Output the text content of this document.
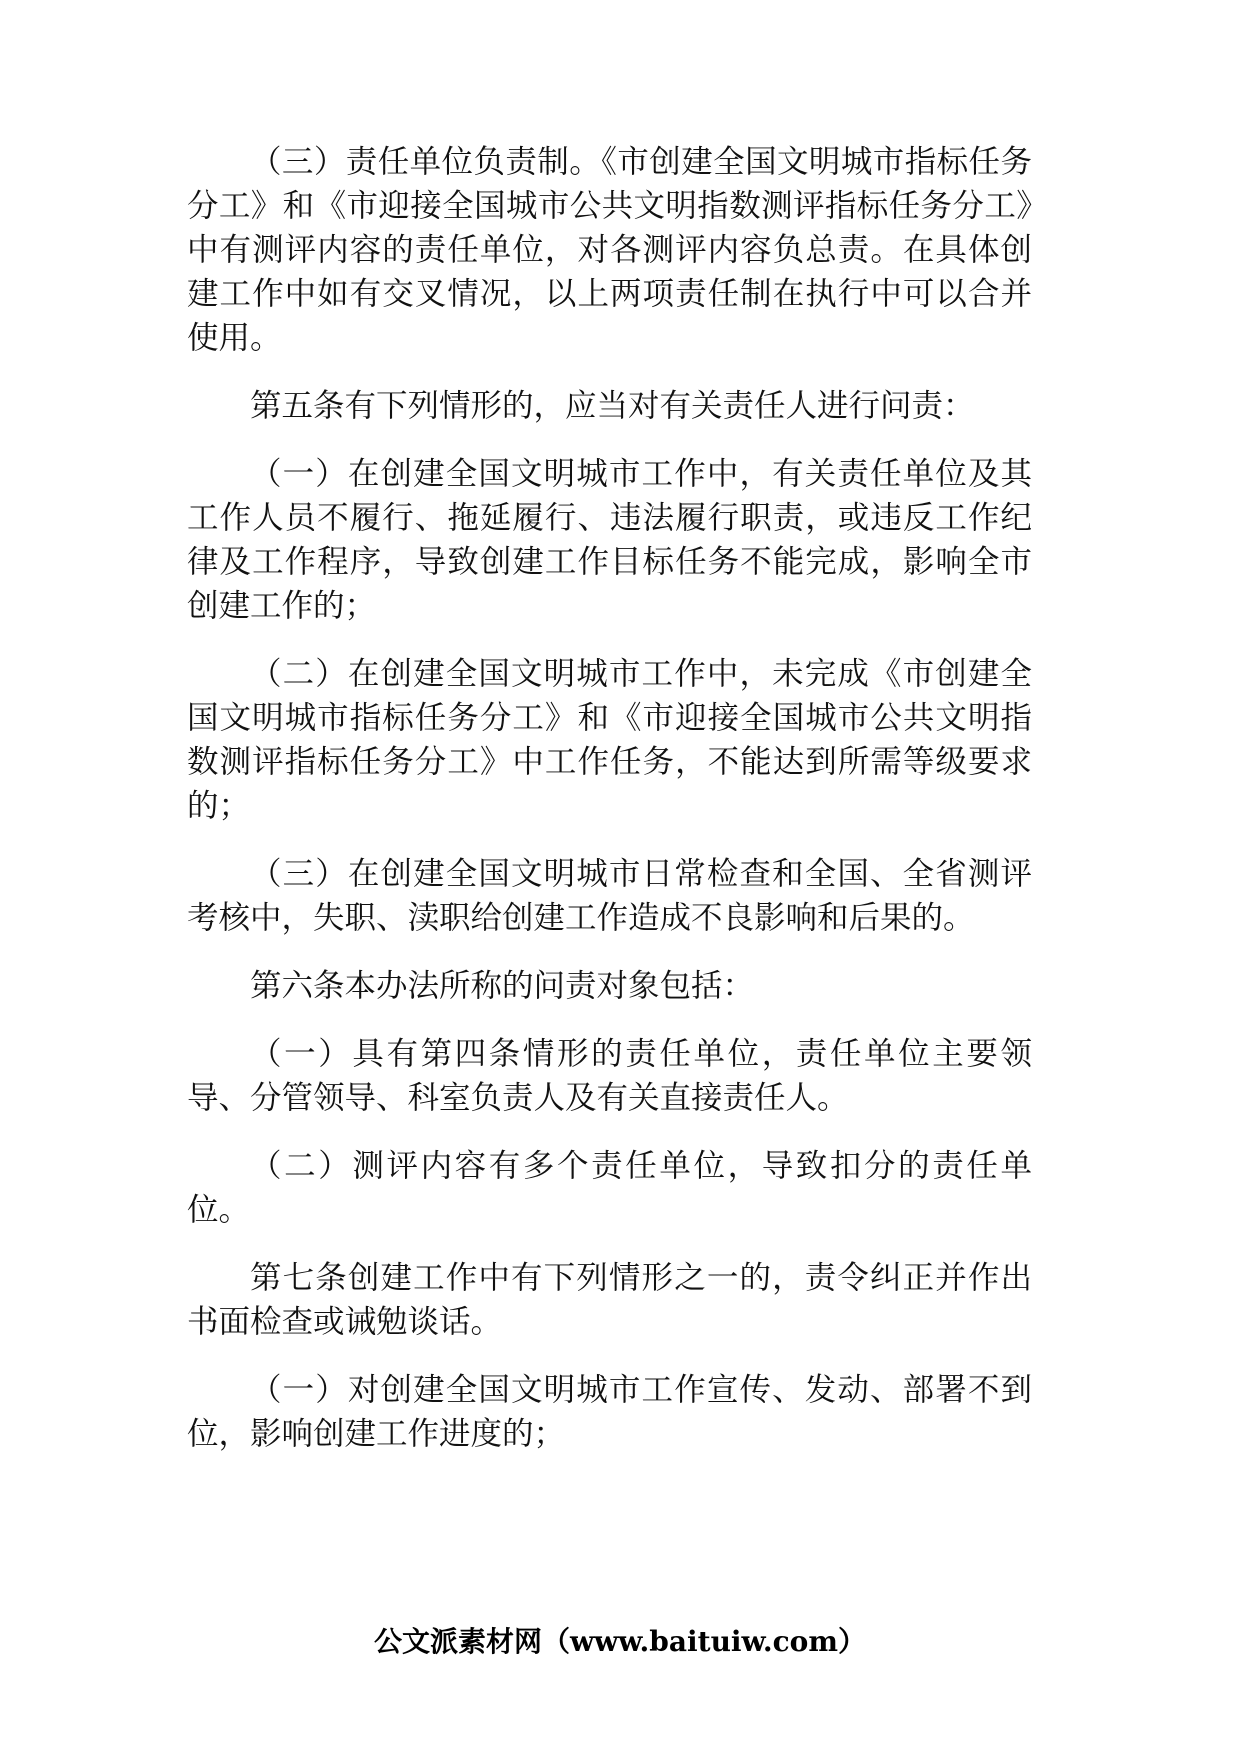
（三）责任单位负责制。《市创建全国文明城市指标任务分工》和《市迎接全国城市公共文明指数测评指标任务分工》中有测评内容的责任单位，对各测评内容负总责。在具体创建工作中如有交叉情况，以上两项责任制在执行中可以合并使用。

第五条有下列情形的，应当对有关责任人进行问责：

（一）在创建全国文明城市工作中，有关责任单位及其工作人员不履行、拖延履行、违法履行职责，或违反工作纪律及工作程序，导致创建工作目标任务不能完成，影响全市创建工作的；

（二）在创建全国文明城市工作中，未完成《市创建全国文明城市指标任务分工》和《市迎接全国城市公共文明指数测评指标任务分工》中工作任务，不能达到所需等级要求的；

（三）在创建全国文明城市日常检查和全国、全省测评考核中，失职、渎职给创建工作造成不良影响和后果的。

第六条本办法所称的问责对象包括：

（一）具有第四条情形的责任单位，责任单位主要领导、分管领导、科室负责人及有关直接责任人。

（二）测评内容有多个责任单位，导致扣分的责任单位。

第七条创建工作中有下列情形之一的，责令纠正并作出书面检查或诫勉谈话。

（一）对创建全国文明城市工作宣传、发动、部署不到位，影响创建工作进度的；

公文派素材网（www.baituiw.com）
